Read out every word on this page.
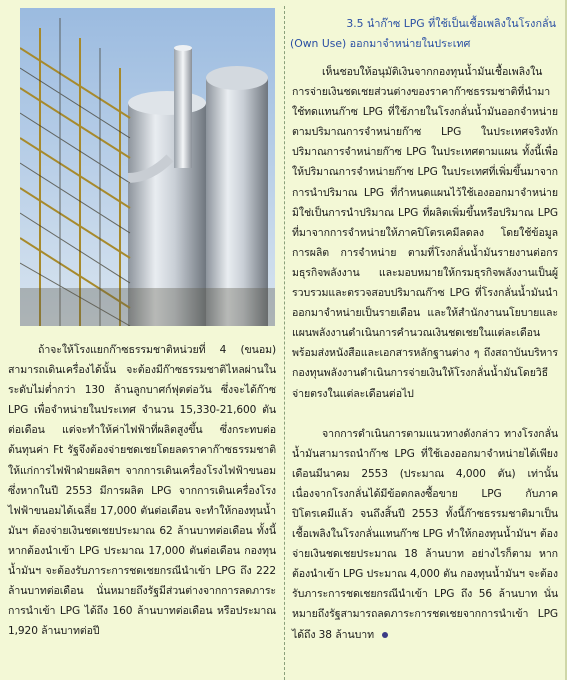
3.5 นำก๊าซ LPG ที่ใช้เป็นเชื้อเพลิงในโรงกลั่น
(Own Use) ออกมาจำหน่ายในประเทศ

ถ้าจะให้โรงแยกก๊าซธรรมชาติหน่วยที่ 4 (ขนอม) สามารถเดินเครื่องได้นั้น จะต้องมีก๊าซธรรมชาติไหลผ่านในระดับไม่ต่ำกว่า 130 ล้านลูกบาศก์ฟุตต่อวัน ซึ่งจะได้ก๊าซ LPG เพื่อจำหน่ายในประเทศ จำนวน 15,330-21,600 ตันต่อเดือน แต่จะทำให้ค่าไฟฟ้าที่ผลิตสูงขึ้น ซึ่งกระทบต่อต้นทุนค่า Ft รัฐจึงต้องจ่ายชดเชยโดยลดราคาก๊าซธรรมชาติให้แก่การไฟฟ้าฝ่ายผลิตฯ จากการเดินเครื่องโรงไฟฟ้าขนอมซึ่งหากในปี 2553 มีการผลิต LPG จากการเดินเครื่องโรงไฟฟ้าขนอมได้เฉลี่ย 17,000 ตันต่อเดือน จะทำให้กองทุนน้ำมันฯ ต้องจ่ายเงินชดเชยประมาณ 62 ล้านบาทต่อเดือน ทั้งนี้หากต้องนำเข้า LPG ประมาณ 17,000 ตันต่อเดือน กองทุนน้ำมันฯ จะต้องรับภาระการชดเชยกรณีนำเข้า LPG ถึง 222 ล้านบาทต่อเดือน นั่นหมายถึงรัฐมีส่วนต่างจากการลดภาระการนำเข้า LPG ได้ถึง 160 ล้านบาทต่อเดือน หรือประมาณ 1,920 ล้านบาทต่อปี

เห็นชอบให้อนุมัติเงินจากกองทุนน้ำมันเชื้อเพลิงในการจ่ายเงินชดเชยส่วนต่างของราคาก๊าซธรรมชาติที่นำมาใช้ทดแทนก๊าซ LPG ที่ใช้ภายในโรงกลั่นน้ำมันออกจำหน่ายตามปริมาณการจำหน่ายก๊าซ LPG ในประเทศจริงหักปริมาณการจำหน่ายก๊าซ LPG ในประเทศตามแผน ทั้งนี้เพื่อให้ปริมาณการจำหน่ายก๊าซ LPG ในประเทศที่เพิ่มขึ้นมาจากการนำปริมาณ LPG ที่กำหนดแผนไว้ใช้เองออกมาจำหน่าย มิใช่เป็นการนำปริมาณ LPG ที่ผลิตเพิ่มขึ้นหรือปริมาณ LPG ที่มาจากการจำหน่ายให้ภาคปิโตรเคมีลดลง โดยใช้ข้อมูลการผลิต การจำหน่าย ตามที่โรงกลั่นน้ำมันรายงานต่อกรมธุรกิจพลังงาน และมอบหมายให้กรมธุรกิจพลังงานเป็นผู้รวบรวมและตรวจสอบปริมาณก๊าซ LPG ที่โรงกลั่นน้ำมันนำออกมาจำหน่ายเป็นรายเดือน และให้สำนักงานนโยบายและแผนพลังงานดำเนินการคำนวณเงินชดเชยในแต่ละเดือน พร้อมส่งหนังสือและเอกสารหลักฐานต่าง ๆ ถึงสถาบันบริหารกองทุนพลังงานดำเนินการจ่ายเงินให้โรงกลั่นน้ำมันโดยวิธีจ่ายตรงในแต่ละเดือนต่อไป

จากการดำเนินการตามแนวทางดังกล่าว ทางโรงกลั่นน้ำมันสามารถนำก๊าซ LPG ที่ใช้เองออกมาจำหน่ายได้เพียงเดือนมีนาคม 2553 (ประมาณ 4,000 ตัน) เท่านั้น เนื่องจากโรงกลั่นได้มีข้อตกลงซื้อขาย LPG กับภาคปิโตรเคมีแล้ว จนถึงสิ้นปี 2553 ทั้งนี้ก๊าซธรรมชาติมาเป็นเชื้อเพลิงในโรงกลั่นแทนก๊าซ LPG ทำให้กองทุนน้ำมันฯ ต้องจ่ายเงินชดเชยประมาณ 18 ล้านบาท อย่างไรก็ตาม หากต้องนำเข้า LPG ประมาณ 4,000 ตัน กองทุนน้ำมันฯ จะต้องรับภาระการชดเชยกรณีนำเข้า LPG ถึง 56 ล้านบาท นั่นหมายถึงรัฐสามารถลดภาระการชดเชยจากการนำเข้า LPG ได้ถึง 38 ล้านบาท
